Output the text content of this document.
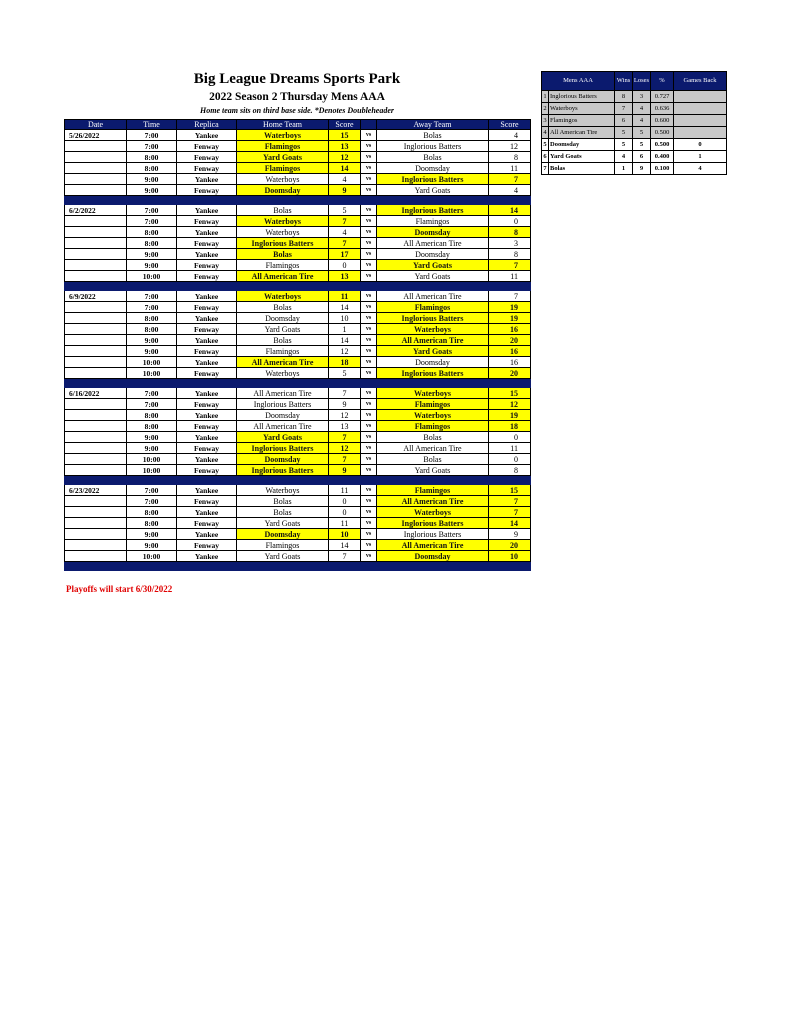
Big League Dreams Sports Park
2022 Season 2 Thursday Mens AAA
Home team sits on third base side. *Denotes Doubleheader
Date	Time	Replica	Home Team	Score		Away Team	Score
5/26/2022	7:00	Yankee	Waterboys	15	vs	Bolas	4
	7:00	Fenway	Flamingos	13	vs	Inglorious Batters	12
	8:00	Fenway	Yard Goats	12	vs	Bolas	8
	8:00	Fenway	Flamingos	14	vs	Doomsday	11
	9:00	Yankee	Waterboys	4	vs	Inglorious Batters	7
	9:00	Fenway	Doomsday	9	vs	Yard Goats	4

6/2/2022	7:00	Yankee	Bolas	5	vs	Inglorious Batters	14
	7:00	Fenway	Waterboys	7	vs	Flamingos	0
	8:00	Yankee	Waterboys	4	vs	Doomsday	8
	8:00	Fenway	Inglorious Batters	7	vs	All American Tire	3
	9:00	Yankee	Bolas	17	vs	Doomsday	8
	9:00	Fenway	Flamingos	0	vs	Yard Goats	7
	10:00	Fenway	All American Tire	13	vs	Yard Goats	11

6/9/2022	7:00	Yankee	Waterboys	11	vs	All American Tire	7
	7:00	Fenway	Bolas	14	vs	Flamingos	19
	8:00	Yankee	Doomsday	10	vs	Inglorious Batters	19
	8:00	Fenway	Yard Goats	1	vs	Waterboys	16
	9:00	Yankee	Bolas	14	vs	All American Tire	20
	9:00	Fenway	Flamingos	12	vs	Yard Goats	16
	10:00	Yankee	All American Tire	18	vs	Doomsday	16
	10:00	Fenway	Waterboys	5	vs	Inglorious Batters	20

6/16/2022	7:00	Yankee	All American Tire	7	vs	Waterboys	15
	7:00	Fenway	Inglorious Batters	9	vs	Flamingos	12
	8:00	Yankee	Doomsday	12	vs	Waterboys	19
	8:00	Fenway	All American Tire	13	vs	Flamingos	18
	9:00	Yankee	Yard Goats	7	vs	Bolas	0
	9:00	Fenway	Inglorious Batters	12	vs	All American Tire	11
	10:00	Yankee	Doomsday	7	vs	Bolas	0
	10:00	Fenway	Inglorious Batters	9	vs	Yard Goats	8

6/23/2022	7:00	Yankee	Waterboys	11	vs	Flamingos	15
	7:00	Fenway	Bolas	0	vs	All American Tire	7
	8:00	Yankee	Bolas	0	vs	Waterboys	7
	8:00	Fenway	Yard Goats	11	vs	Inglorious Batters	14
	9:00	Yankee	Doomsday	10	vs	Inglorious Batters	9
	9:00	Fenway	Flamingos	14	vs	All American Tire	20
	10:00	Yankee	Yard Goats	7	vs	Doomsday	10

Playoffs will start 6/30/2022
Mens AAA		Wins	Loses	%	Games Back
1	Inglorious Batters	8	3	0.727	
2	Waterboys	7	4	0.636	
3	Flamingos	6	4	0.600	
4	All American Tire	5	5	0.500	
5	Doomsday	5	5	0.500	0
6	Yard Goats	4	6	0.400	1
7	Bolas	1	9	0.100	4
